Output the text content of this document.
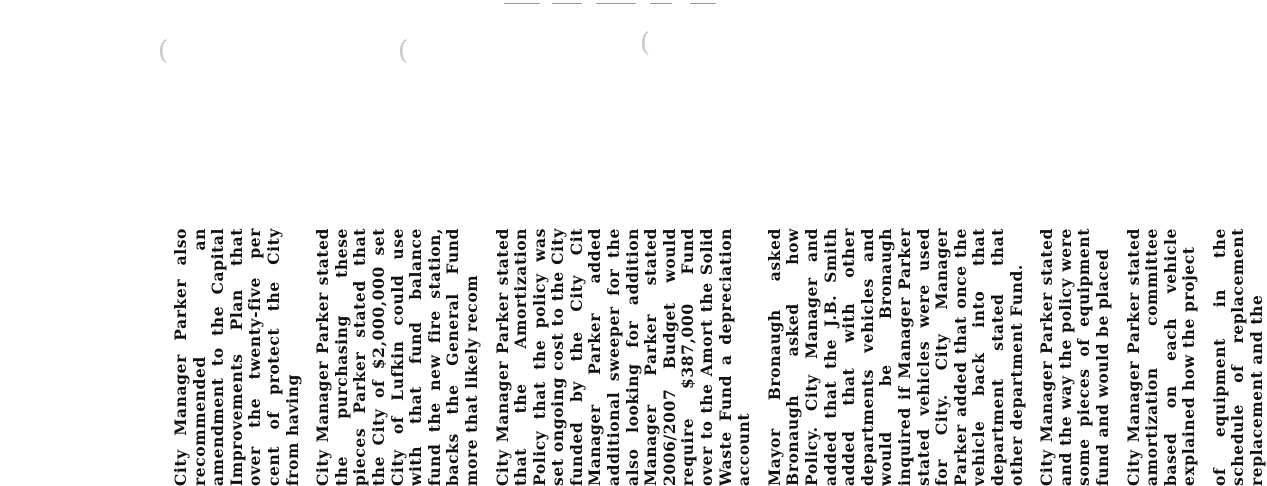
(	(	(

City Manager Parker also recommended an amendment to the Capital Improvements Plan that over the twenty-five per cent of protect the City from having City Manager Parker stated the purchasing these pieces Parker stated that the City of $2,000,000 set City of Lufkin could use with that fund balance fund the new fire station, backs the General Fund more that likely recom City Manager Parker stated that the Amortization Policy that the policy was set ongoing cost to the City funded by the City Cit Manager Parker added additional sweeper for the also looking for addition Manager Parker stated 2006/2007 Budget would require $387,000 Fund over to the Amort the Solid Waste Fund a depreciation account Mayor Bronaugh asked Bronaugh asked how Policy. City Manager and added that the J.B. Smith added that with other departments vehicles and would be Bronaugh inquired if Manager Parker stated vehicles were used for City. City Manager Parker added that once the vehicle back into that department stated that other department Fund. City Manager Parker stated and the way the policy were some pieces of equipment fund and would be placed City Manager Parker stated amortization committee based on each vehicle explained how the project of equipment in the schedule of replacement replacement and the
